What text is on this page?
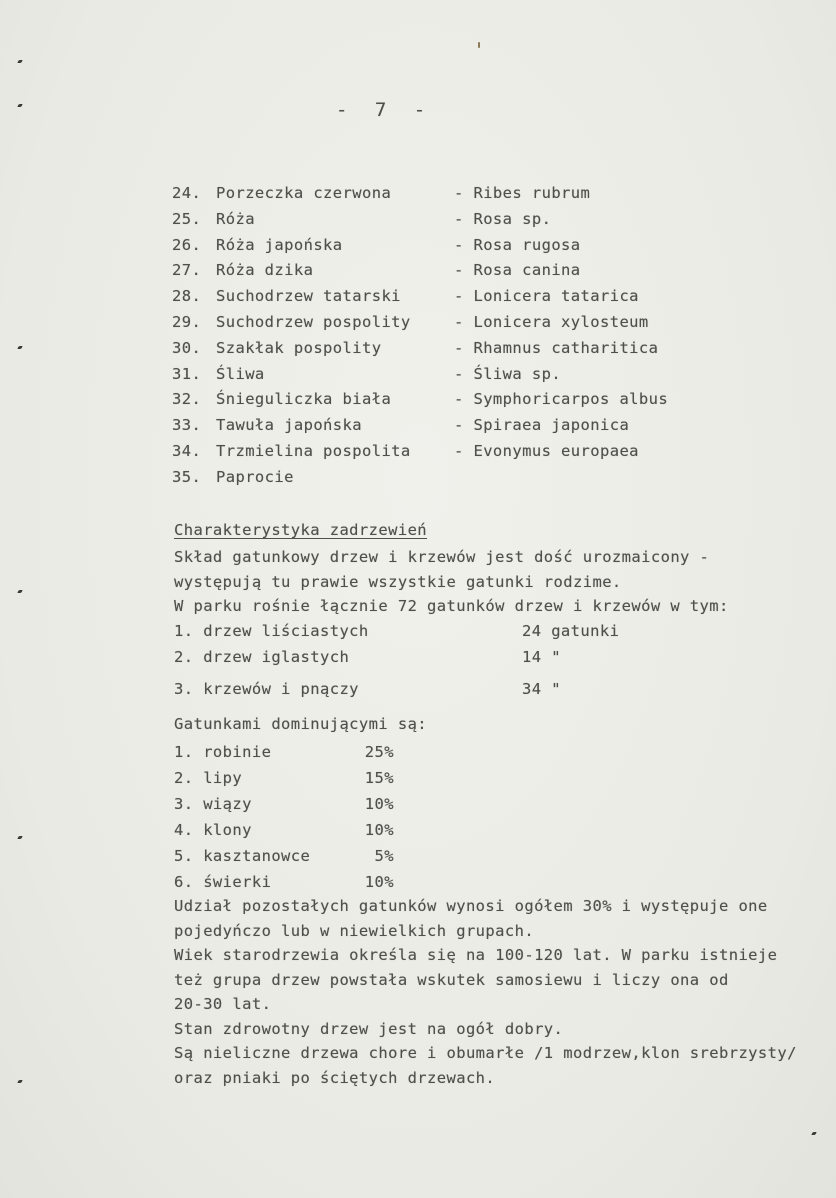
- 7 -
24. Porzeczka czerwona	- Ribes rubrum
25. Róża	- Rosa sp.
26. Róża japońska	- Rosa rugosa
27. Róża dzika	- Rosa canina
28. Suchodrzew tatarski	- Lonicera tatarica
29. Suchodrzew pospolity	- Lonicera xylosteum
30. Szakłak pospolity	- Rhamnus catharitica
31. Śliwa	- Śliwa sp.
32. Śnieguliczka biała	- Symphoricarpos albus
33. Tawuła japońska	- Spiraea japonica
34. Trzmielina pospolita	- Evonymus europaea
35. Paprocie
Charakterystyka zadrzewień
Skład gatunkowy drzew i krzewów jest dość urozmaicony -
występują tu prawie wszystkie gatunki rodzime.
W parku rośnie łącznie 72 gatunków drzew i krzewów w tym:
1. drzew liściastych	24 gatunki
2. drzew iglastych	14 "
3. krzewów i pnączy	34 "
Gatunkami dominującymi są:
1. robinie	25%
2. lipy	15%
3. wiązy	10%
4. klony	10%
5. kasztanowce	5%
6. świerki	10%
Udział pozostałych gatunków wynosi ogółem 30% i występuje one
pojedyńczo lub w niewielkich grupach.
Wiek starodrzewia określa się na 100-120 lat. W parku istnieje
też grupa drzew powstała wskutek samosiewu i liczy ona od
20-30 lat.
Stan zdrowotny drzew jest na ogół dobry.
Są nieliczne drzewa chore i obumarłe /1 modrzew,klon srebrzysty/
oraz pniaki po ściętych drzewach.
